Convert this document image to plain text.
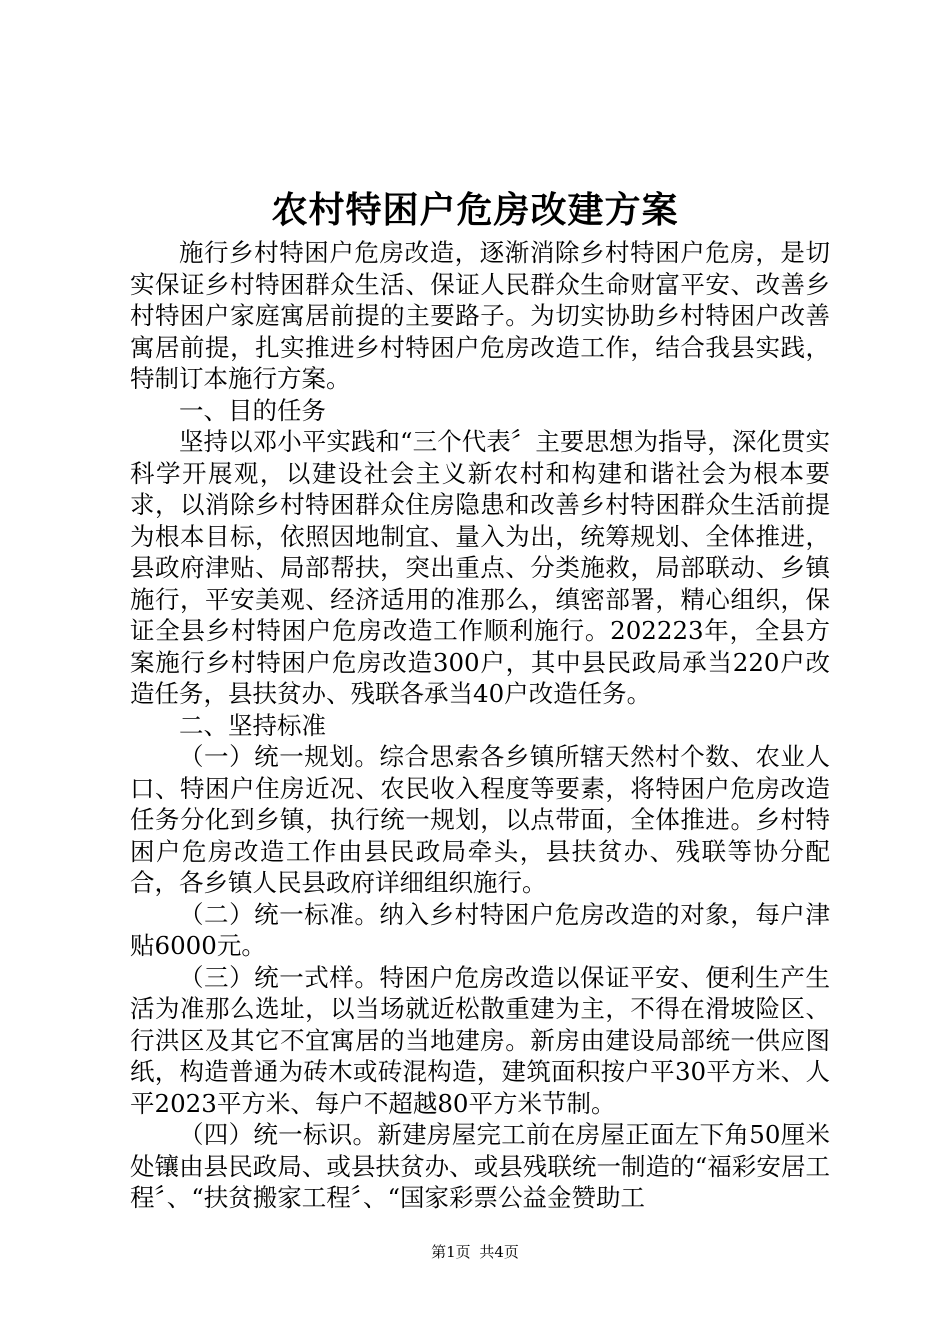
农村特困户危房改建方案

施行乡村特困户危房改造，逐渐消除乡村特困户危房，是切实保证乡村特困群众生活、保证人民群众生命财富平安、改善乡村特困户家庭寓居前提的主要路子。为切实协助乡村特困户改善寓居前提，扎实推进乡村特困户危房改造工作，结合我县实践，特制订本施行方案。

一、目的任务

坚持以邓小平实践和“三个代表〞主要思想为指导，深化贯实科学开展观，以建设社会主义新农村和构建和谐社会为根本要求，以消除乡村特困群众住房隐患和改善乡村特困群众生活前提为根本目标，依照因地制宜、量入为出，统筹规划、全体推进，县政府津贴、局部帮扶，突出重点、分类施救，局部联动、乡镇施行，平安美观、经济适用的准那么，缜密部署，精心组织，保证全县乡村特困户危房改造工作顺利施行。202223年，全县方案施行乡村特困户危房改造300户，其中县民政局承当220户改造任务，县扶贫办、残联各承当40户改造任务。

二、坚持标准

（一）统一规划。综合思索各乡镇所辖天然村个数、农业人口、特困户住房近况、农民收入程度等要素，将特困户危房改造任务分化到乡镇，执行统一规划，以点带面，全体推进。乡村特困户危房改造工作由县民政局牵头，县扶贫办、残联等协分配合，各乡镇人民县政府详细组织施行。

（二）统一标准。纳入乡村特困户危房改造的对象，每户津贴6000元。

（三）统一式样。特困户危房改造以保证平安、便利生产生活为准那么选址，以当场就近松散重建为主，不得在滑坡险区、行洪区及其它不宜寓居的当地建房。新房由建设局部统一供应图纸，构造普通为砖木或砖混构造，建筑面积按户平30平方米、人平2023平方米、每户不超越80平方米节制。

（四）统一标识。新建房屋完工前在房屋正面左下角50厘米处镶由县民政局、或县扶贫办、或县残联统一制造的“福彩安居工程〞、“扶贫搬家工程〞、“国家彩票公益金赞助工

第1页 共4页
